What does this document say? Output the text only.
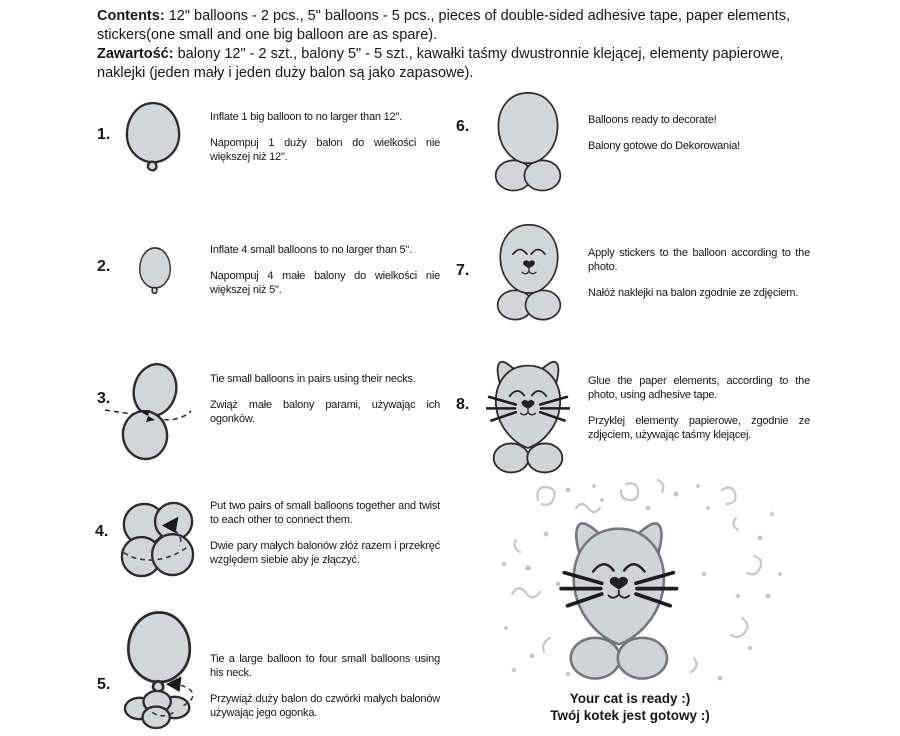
Contents: 12" balloons - 2 pcs., 5" balloons - 5 pcs., pieces of double-sided adhesive tape, paper elements, stickers(one small and one big balloon are as spare).

Zawartość: balony 12" - 2 szt., balony 5" - 5 szt., kawałki taśmy dwustronnie klejącej, elementy papierowe, naklejki (jeden mały i jeden duży balon są jako zapasowe).

1.

Inflate 1 big balloon to no larger than 12".

Napompuj 1 duży balon do wielkości nie większej niż 12".

2.

Inflate 4 small balloons to no larger than 5".

Napompuj 4 małe balony do wielkości nie większej niż 5".

3.

Tie small balloons in pairs using their necks.

Zwiąż małe balony parami, używając ich ogonków.

4.

Put two pairs of small balloons together and twist to each other to connect them.

Dwie pary małych balonów złóż razem i przekręć względem siebie aby je złączyć.

5.

Tie a large balloon to four small balloons using his neck.

Przywiąż duży balon do czwórki małych balonów używając jego ogonka.

6.	Balloons ready to decorate!

Balony gotowe do Dekorowania!

7.

Apply stickers to the balloon according to the photo.

Nałóż naklejki na balon zgodnie ze zdjęciem.

8.

Glue the paper elements, according to the photo, using adhesive tape.

Przyklej elementy papierowe, zgodnie ze zdjęciem, używając taśmy klejącej.

Your cat is ready :)
Twój kotek jest gotowy :)
